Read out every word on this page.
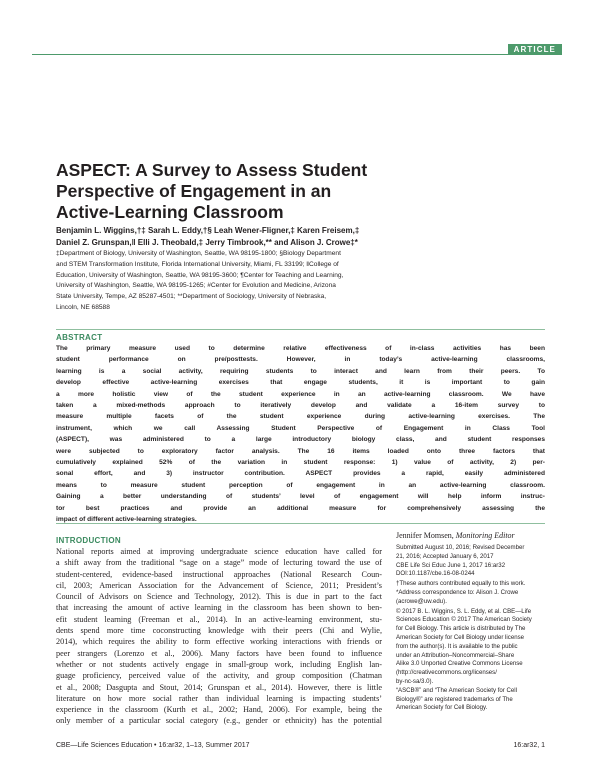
ARTICLE
ASPECT: A Survey to Assess Student
Perspective of Engagement in an
Active-Learning Classroom
Benjamin L. Wiggins,†‡ Sarah L. Eddy,†§ Leah Wener-Fligner,‡ Karen Freisem,‡
Daniel Z. Grunspan,‖ Elli J. Theobald,‡ Jerry Timbrook,** and Alison J. Crowe‡*
‡Department of Biology, University of Washington, Seattle, WA 98195-1800; §Biology Department
and STEM Transformation Institute, Florida International University, Miami, FL 33199; ‖College of
Education, University of Washington, Seattle, WA 98195-3600; ¶Center for Teaching and Learning,
University of Washington, Seattle, WA 98195-1265; #Center for Evolution and Medicine, Arizona
State University, Tempe, AZ 85287-4501; **Department of Sociology, University of Nebraska,
Lincoln, NE 68588
ABSTRACT
The primary measure used to determine relative effectiveness of in-class activities has been
student performance on pre/posttests. However, in today’s active-learning classrooms,
learning is a social activity, requiring students to interact and learn from their peers. To
develop effective active-learning exercises that engage students, it is important to gain
a more holistic view of the student experience in an active-learning classroom. We have
taken a mixed-methods approach to iteratively develop and validate a 16-item survey to
measure multiple facets of the student experience during active-learning exercises. The
instrument, which we call Assessing Student Perspective of Engagement in Class Tool
(ASPECT), was administered to a large introductory biology class, and student responses
were subjected to exploratory factor analysis. The 16 items loaded onto three factors that
cumulatively explained 52% of the variation in student response: 1) value of activity, 2) per-
sonal effort, and 3) instructor contribution. ASPECT provides a rapid, easily administered
means to measure student perception of engagement in an active-learning classroom.
Gaining a better understanding of students’ level of engagement will help inform instruc-
tor best practices and provide an additional measure for comprehensively assessing the
impact of different active-learning strategies.
INTRODUCTION
National reports aimed at improving undergraduate science education have called for
a shift away from the traditional “sage on a stage” mode of lecturing toward the use of
student-centered, evidence-based instructional approaches (National Research Coun-
cil, 2003; American Association for the Advancement of Science, 2011; President’s
Council of Advisors on Science and Technology, 2012). This is due in part to the fact
that increasing the amount of active learning in the classroom has been shown to ben-
efit student learning (Freeman et al., 2014). In an active-learning environment, stu-
dents spend more time coconstructing knowledge with their peers (Chi and Wylie,
2014), which requires the ability to form effective working interactions with friends or
peer strangers (Lorenzo et al., 2006). Many factors have been found to influence
whether or not students actively engage in small-group work, including English lan-
guage proficiency, perceived value of the activity, and group composition (Chatman
et al., 2008; Dasgupta and Stout, 2014; Grunspan et al., 2014). However, there is little
literature on how more social rather than individual learning is impacting students’
experience in the classroom (Kurth et al., 2002; Hand, 2006). For example, being the
only member of a particular social category (e.g., gender or ethnicity) has the potential
Jennifer Momsen, Monitoring Editor
Submitted August 10, 2016; Revised December
21, 2016; Accepted January 6, 2017
CBE Life Sci Educ June 1, 2017 16:ar32
DOI:10.1187/cbe.16-08-0244
†These authors contributed equally to this work.
*Address correspondence to: Alison J. Crowe
(acrowe@uw.edu).
© 2017 B. L. Wiggins, S. L. Eddy, et al. CBE—Life
Sciences Education © 2017 The American Society
for Cell Biology. This article is distributed by The
American Society for Cell Biology under license
from the author(s). It is available to the public
under an Attribution–Noncommercial–Share
Alike 3.0 Unported Creative Commons License
(http://creativecommons.org/licenses/
by-nc-sa/3.0).
“ASCB®” and “The American Society for Cell
Biology®” are registered trademarks of The
American Society for Cell Biology.
CBE—Life Sciences Education • 16:ar32, 1–13, Summer 2017	16:ar32, 1
